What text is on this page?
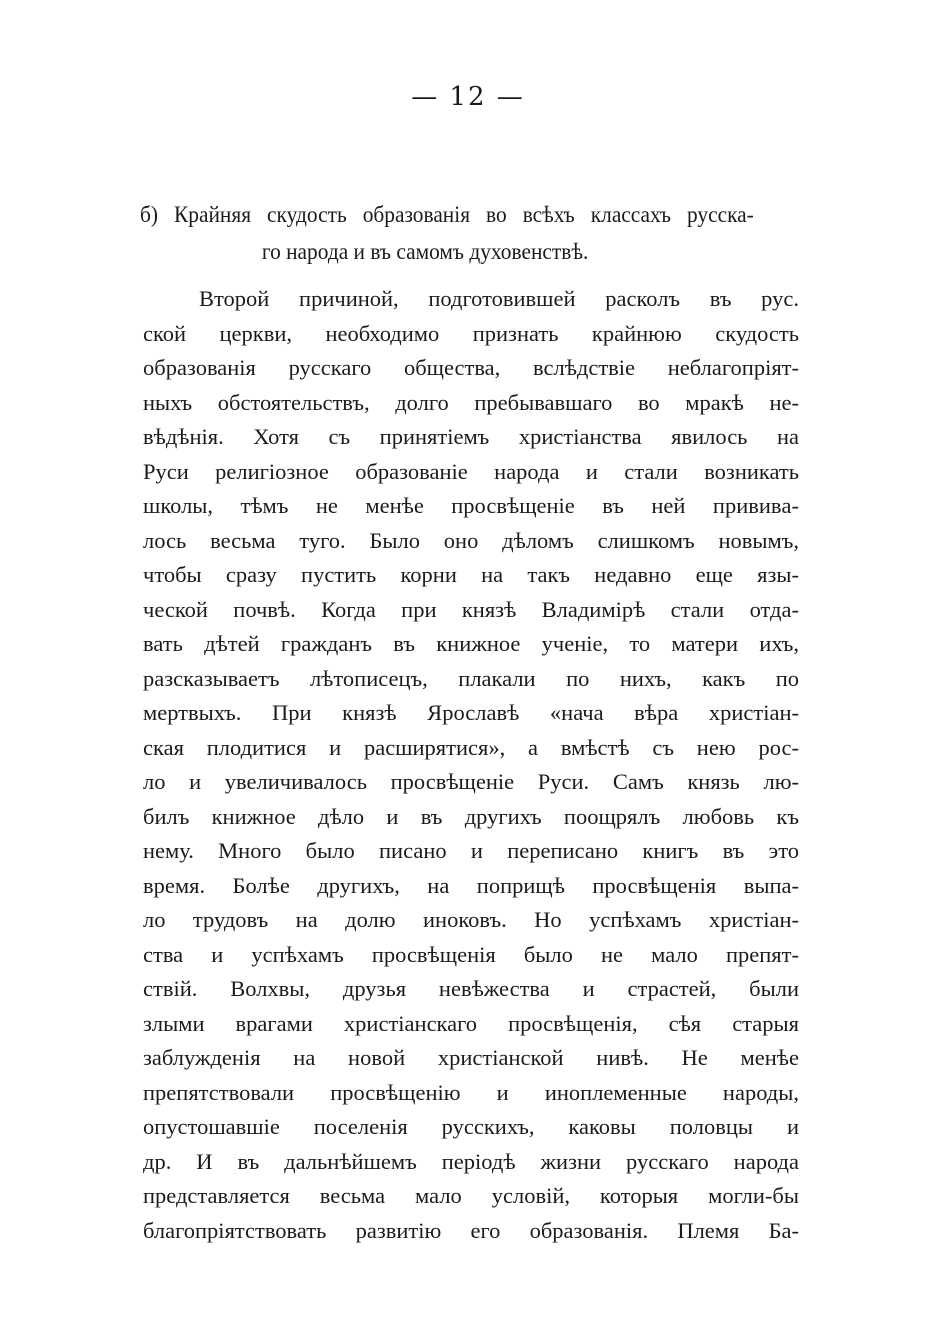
— 12 —
б) Крайняя скудость образованія во всѣхъ классахъ русска-
го народа и въ самомъ духовенствѣ.
Второй причиной, подготовившей расколъ въ рус.
ской церкви, необходимо признать крайнюю скудость
образованія русскаго общества, вслѣдствіе неблагопріят-
ныхъ обстоятельствъ, долго пребывавшаго во мракѣ не-
вѣдѣнія. Хотя съ принятіемъ христіанства явилось на
Руси религіозное образованіе народа и стали возникать
школы, тѣмъ не менѣе просвѣщеніе въ ней прививa-
лось весьма туго. Было оно дѣломъ слишкомъ новымъ,
чтобы сразу пустить корни на такъ недавно еще язы-
ческой почвѣ. Когда при князѣ Владимірѣ стали отда-
вать дѣтей гражданъ въ книжное ученіе, то матери ихъ,
разсказываетъ лѣтописецъ, плакали по нихъ, какъ по
мертвыхъ. При князѣ Ярославѣ «нача вѣра христіан-
ская плодитися и расширятися», а вмѣстѣ съ нею рос-
ло и увеличивалось просвѣщеніе Руси. Самъ князь лю-
билъ книжное дѣло и въ другихъ поощрялъ любовь къ
нему. Много было писано и переписано книгъ въ это
время. Болѣе другихъ, на поприщѣ просвѣщенія выпа-
ло трудовъ на долю иноковъ. Но успѣхамъ христіан-
ства и успѣхамъ просвѣщенія было не мало препят-
ствій. Волхвы, друзья невѣжества и страстей, были
злыми врагами христіанскаго просвѣщенія, сѣя старыя
заблужденія на новой христіанской нивѣ. Не менѣе
препятствовали просвѣщенію и иноплеменные народы,
опустошавшіе поселенія русскихъ, каковы половцы и
др. И въ дальнѣйшемъ періодѣ жизни русскаго народа
представляется весьма мало условій, которыя могли-бы
благопріятствовать развитію его образованія. Племя Ба-
